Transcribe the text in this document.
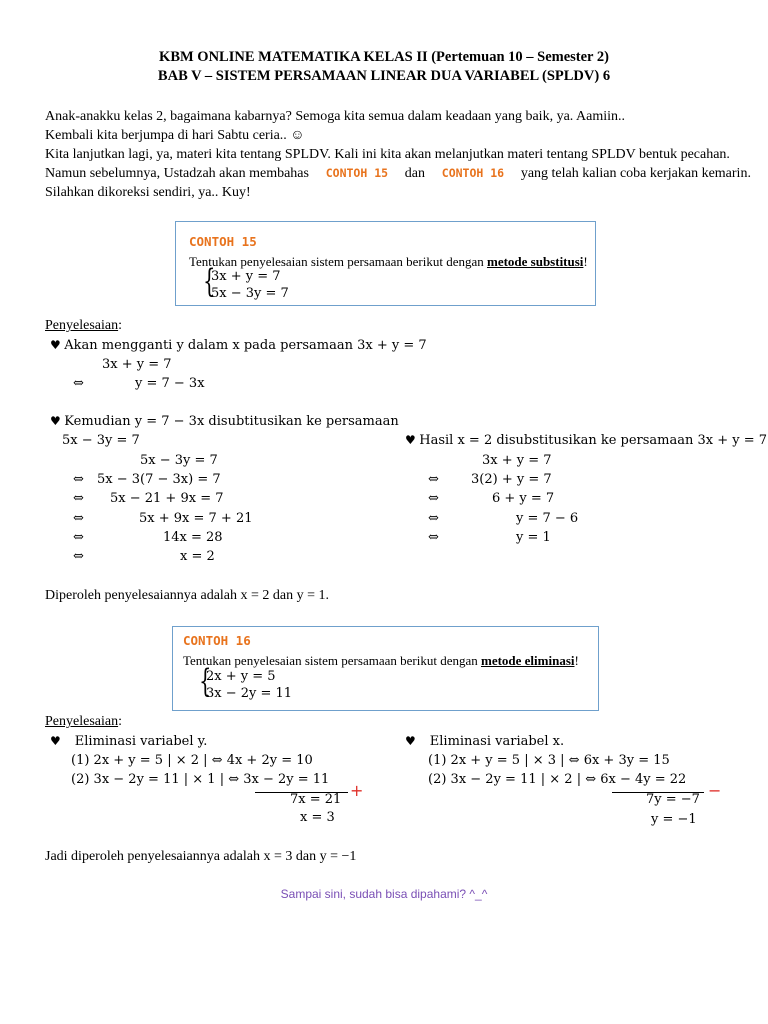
KBM ONLINE MATEMATIKA KELAS II (Pertemuan 10 – Semester 2)
BAB V – SISTEM PERSAMAAN LINEAR DUA VARIABEL (SPLDV) 6
Anak-anakku kelas 2, bagaimana kabarnya? Semoga kita semua dalam keadaan yang baik, ya. Aamiin..
Kembali kita berjumpa di hari Sabtu ceria.. ☺
Kita lanjutkan lagi, ya, materi kita tentang SPLDV. Kali ini kita akan melanjutkan materi tentang SPLDV bentuk pecahan.
Namun sebelumnya, Ustadzah akan membahas CONTOH 15 dan CONTOH 16 yang telah kalian coba kerjakan kemarin.
Silahkan dikoreksi sendiri, ya.. Kuy!
CONTOH 15
Tentukan penyelesaian sistem persamaan berikut dengan metode substitusi!
{
3x + y = 7
5x − 3y = 7
Penyelesaian:
♥ Akan mengganti y dalam x pada persamaan 3x + y = 7
3x + y = 7
⇔	y = 7 − 3x
♥ Kemudian y = 7 − 3x disubtitusikan ke persamaan
5x − 3y = 7
5x − 3y = 7
⇔ 5x − 3(7 − 3x) = 7
⇔ 5x − 21 + 9x = 7
⇔	5x + 9x = 7 + 21
⇔	14x = 28
⇔	x = 2
♥ Hasil x = 2 disubstitusikan ke persamaan 3x + y = 7
3x + y = 7
⇔ 3(2) + y = 7
⇔	6 + y = 7
⇔	y = 7 − 6
⇔	y = 1
Diperoleh penyelesaiannya adalah x = 2 dan y = 1.
CONTOH 16
Tentukan penyelesaian sistem persamaan berikut dengan metode eliminasi!
{
2x + y = 5
3x − 2y = 11
Penyelesaian:
♥ Eliminasi variabel y.
(1) 2x + y = 5 | × 2 | ⇔ 4x + 2y = 10
(2) 3x − 2y = 11 | × 1 | ⇔ 3x − 2y = 11
+
7x = 21
x = 3
♥ Eliminasi variabel x.
(1) 2x + y = 5 | × 3 | ⇔ 6x + 3y = 15
(2) 3x − 2y = 11 | × 2 | ⇔ 6x − 4y = 22
−
7y = −7
y = −1
Jadi diperoleh penyelesaiannya adalah x = 3 dan y = −1
Sampai sini, sudah bisa dipahami? ^_^
